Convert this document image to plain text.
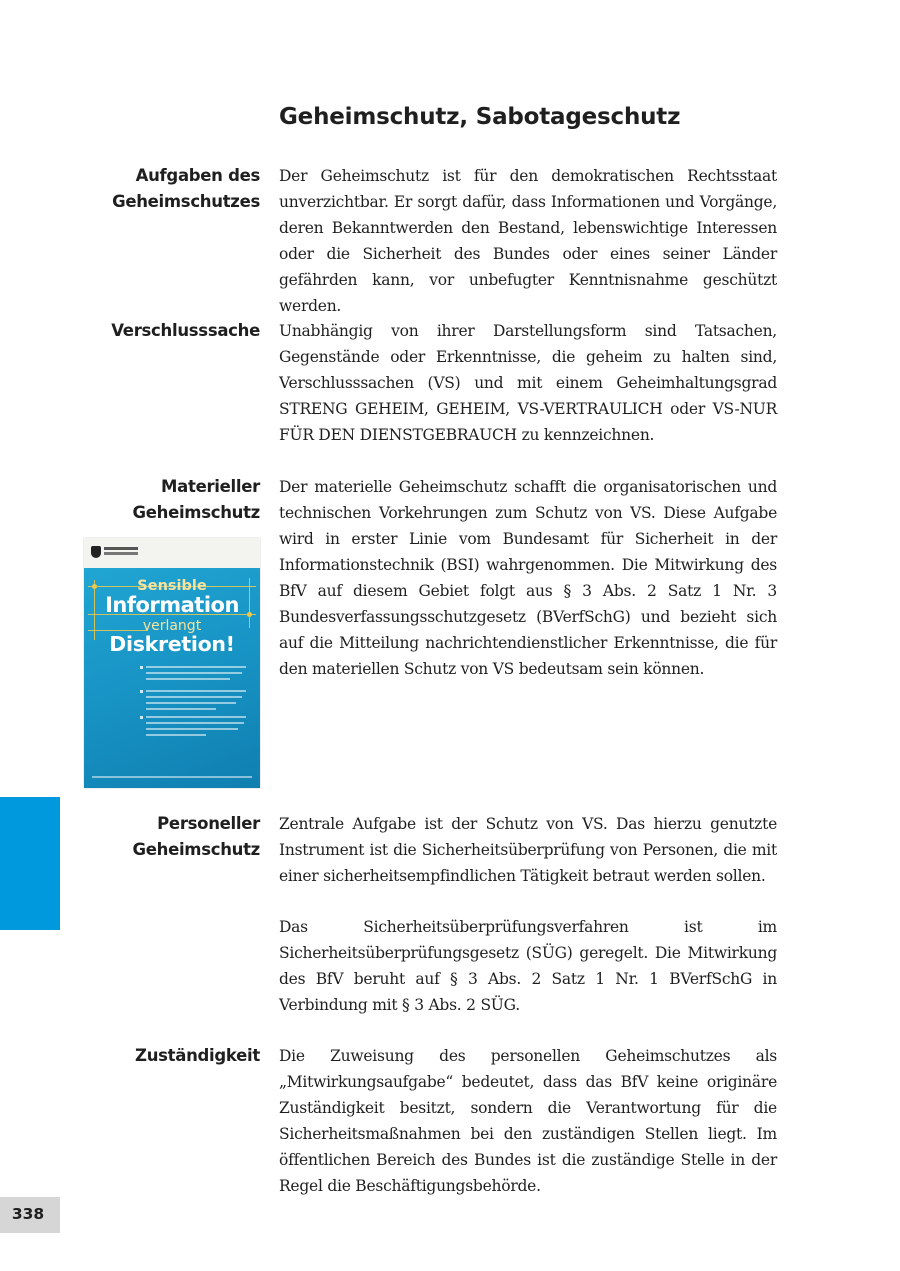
Geheimschutz, Sabotageschutz
Aufgaben des Geheimschutzes

Der Geheimschutz ist für den demokratischen Rechtsstaat unverzichtbar. Er sorgt dafür, dass Informationen und Vorgänge, deren Bekanntwerden den Bestand, lebenswichtige Interessen oder die Sicherheit des Bundes oder eines seiner Länder gefährden kann, vor unbefugter Kenntnisnahme geschützt werden.

Verschlusssache Unabhängig von ihrer Darstellungsform sind Tatsachen, Gegenstände oder Erkenntnisse, die geheim zu halten sind, Verschlusssachen (VS) und mit einem Geheimhaltungsgrad STRENG GEHEIM, GEHEIM, VS-VERTRAULICH oder VS-NUR FÜR DEN DIENSTGEBRAUCH zu kennzeichnen.

Materieller Geheimschutz

Der materielle Geheimschutz schafft die organisatorischen und technischen Vorkehrungen zum Schutz von VS. Diese Aufgabe wird in erster Linie vom Bundesamt für Sicherheit in der Informationstechnik (BSI) wahrgenommen. Die Mitwirkung des BfV auf diesem Gebiet folgt aus § 3 Abs. 2 Satz 1 Nr. 3 Bundesverfassungsschutzgesetz (BVerfSchG) und bezieht sich auf die Mitteilung nachrichtendienstlicher Erkenntnisse, die für den materiellen Schutz von VS bedeutsam sein können.

Sensible
Information
verlangt
Diskretion!
Personeller Geheimschutz

Zentrale Aufgabe ist der Schutz von VS. Das hierzu genutzte Instrument ist die Sicherheitsüberprüfung von Personen, die mit einer sicherheitsempfindlichen Tätigkeit betraut werden sollen.

Das Sicherheitsüberprüfungsverfahren ist im Sicherheitsüberprüfungsgesetz (SÜG) geregelt. Die Mitwirkung des BfV beruht auf § 3 Abs. 2 Satz 1 Nr. 1 BVerfSchG in Verbindung mit § 3 Abs. 2 SÜG.

Zuständigkeit Die Zuweisung des personellen Geheimschutzes als „Mitwirkungsaufgabe“ bedeutet, dass das BfV keine originäre Zuständigkeit besitzt, sondern die Verantwortung für die Sicherheitsmaßnahmen bei den zuständigen Stellen liegt. Im öffentlichen Bereich des Bundes ist die zuständige Stelle in der Regel die Beschäftigungsbehörde.

338
